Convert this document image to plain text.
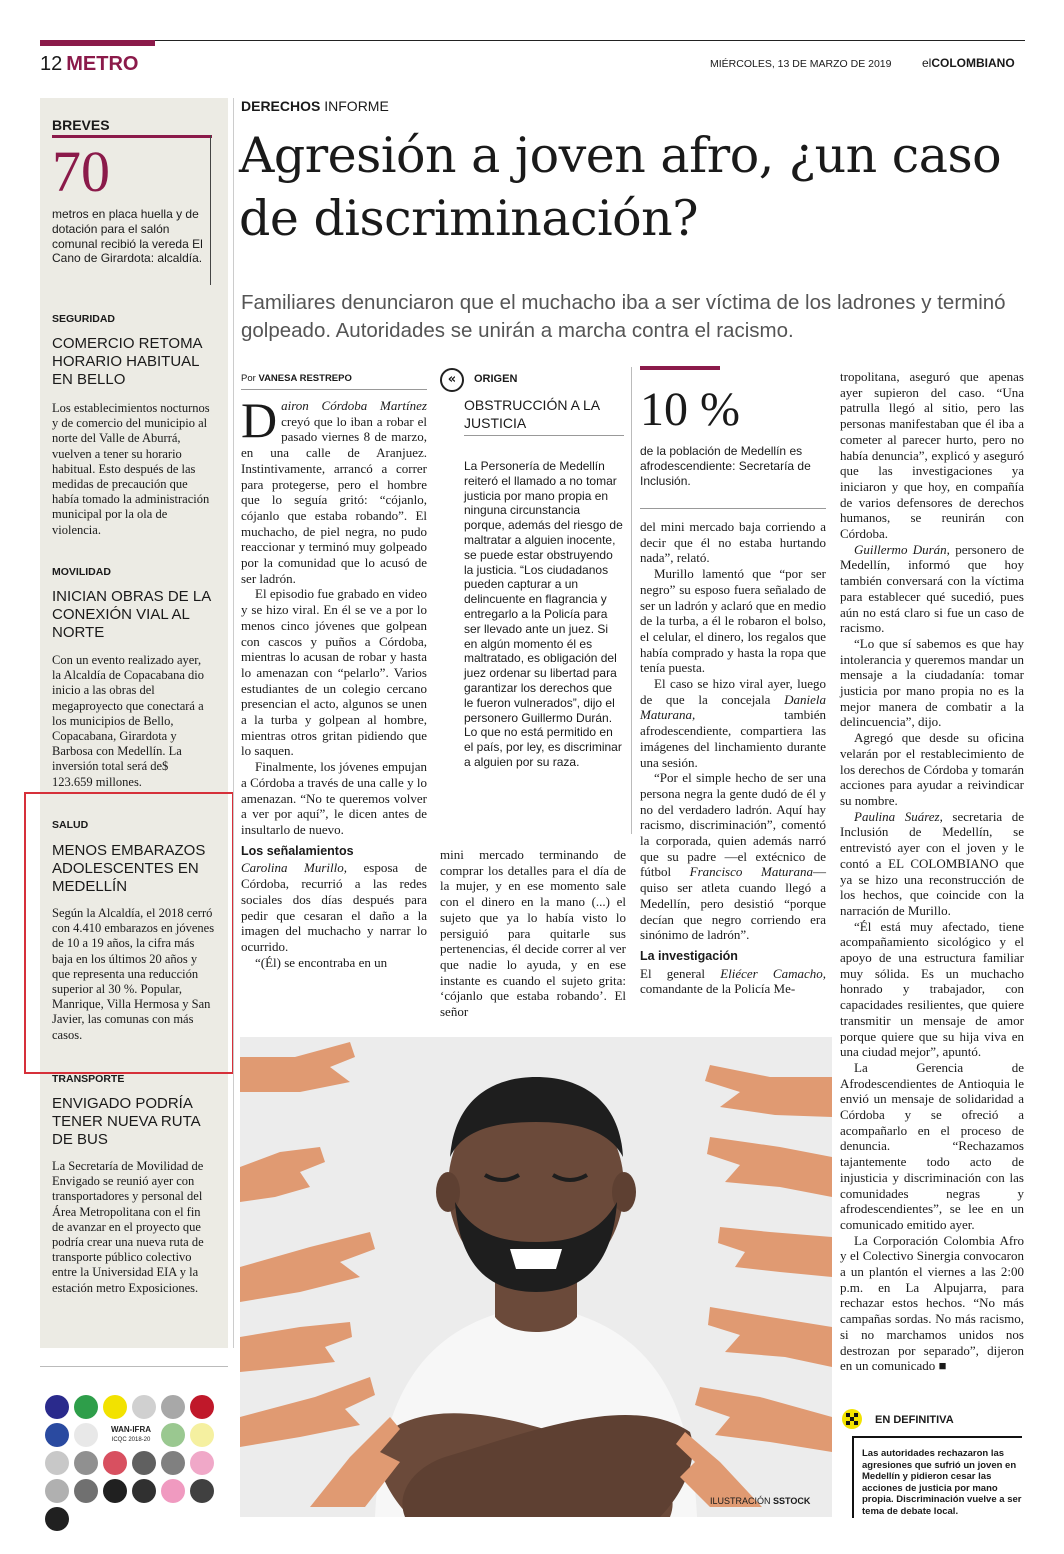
12 METRO	MIÉRCOLES, 13 DE MARZO DE 2019	elCOLOMBIANO
BREVES
70
metros en placa huella y de dotación para el salón comunal recibió la vereda El Cano de Girardota: alcaldía.
SEGURIDAD
COMERCIO RETOMA HORARIO HABITUAL EN BELLO
Los establecimientos nocturnos y de comercio del municipio al norte del Valle de Aburrá, vuelven a tener su horario habitual. Esto después de las medidas de precaución que había tomado la administración municipal por la ola de violencia.
MOVILIDAD
INICIAN OBRAS DE LA CONEXIÓN VIAL AL NORTE
Con un evento realizado ayer, la Alcaldía de Copacabana dio inicio a las obras del megaproyecto que conectará a los municipios de Bello, Copacabana, Girardota y Barbosa con Medellín. La inversión total será de$ 123.659 millones.
SALUD
MENOS EMBARAZOS ADOLESCENTES EN MEDELLÍN
Según la Alcaldía, el 2018 cerró con 4.410 embarazos en jóvenes de 10 a 19 años, la cifra más baja en los últimos 20 años y que representa una reducción superior al 30 %. Popular, Manrique, Villa Hermosa y San Javier, las comunas con más casos.
TRANSPORTE
ENVIGADO PODRÍA TENER NUEVA RUTA DE BUS
La Secretaría de Movilidad de Envigado se reunió ayer con transportadores y personal del Área Metropolitana con el fin de avanzar en el proyecto que podría crear una nueva ruta de transporte público colectivo entre la Universidad EIA y la estación metro Exposiciones.
WAN-IFRA
ICQC 2018-20
DERECHOS INFORME
Agresión a joven afro, ¿un caso de discriminación?
Familiares denunciaron que el muchacho iba a ser víctima de los ladrones y terminó golpeado. Autoridades se unirán a marcha contra el racismo.
Por VANESA RESTREPO

Dairon Córdoba Martínez creyó que lo iban a robar el pasado viernes 8 de marzo, en una calle de Aranjuez. Instintivamente, arrancó a correr para protegerse, pero el hombre que lo seguía gritó: “cójanlo, cójanlo que estaba robando”. El muchacho, de piel negra, no pudo reaccionar y terminó muy golpeado por la comunidad que lo acusó de ser ladrón.

El episodio fue grabado en video y se hizo viral. En él se ve a por lo menos cinco jóvenes que golpean con cascos y puños a Córdoba, mientras lo acusan de robar y hasta lo amenazan con “pelarlo”. Varios estudiantes de un colegio cercano presencian el acto, algunos se unen a la turba y golpean al hombre, mientras otros gritan pidiendo que lo saquen.

Finalmente, los jóvenes empujan a Córdoba a través de una calle y lo amenazan. “No te queremos volver a ver por aquí”, le dicen antes de insultarlo de nuevo.

Los señalamientos

Carolina Murillo, esposa de Córdoba, recurrió a las redes sociales dos días después para pedir que cesaran el daño a la imagen del muchacho y narrar lo ocurrido.

“(Él) se encontraba en un

«	ORIGEN
OBSTRUCCIÓN A LA JUSTICIA
La Personería de Medellín reiteró el llamado a no tomar justicia por mano propia en ninguna circunstancia porque, además del riesgo de maltratar a alguien inocente, se puede estar obstruyendo la justicia. “Los ciudadanos pueden capturar a un delincuente en flagrancia y entregarlo a la Policía para ser llevado ante un juez. Si en algún momento él es maltratado, es obligación del juez ordenar su libertad para garantizar los derechos que le fueron vulnerados”, dijo el personero Guillermo Durán. Lo que no está permitido en el país, por ley, es discriminar a alguien por su raza.

mini mercado terminando de comprar los detalles para el día de la mujer, y en ese momento sale con el dinero en la mano (...) el sujeto que ya lo había visto lo persiguió para quitarle sus pertenencias, él decide correr al ver que nadie lo ayuda, y en ese instante es cuando el sujeto grita: ‘cójanlo que estaba robando’. El señor

10 %
de la población de Medellín es afrodescendiente: Secretaría de Inclusión.

del mini mercado baja corriendo a decir que él no estaba hurtando nada”, relató.

Murillo lamentó que “por ser negro” su esposo fuera señalado de ser un ladrón y aclaró que en medio de la turba, a él le robaron el bolso, el celular, el dinero, los regalos que había comprado y hasta la ropa que tenía puesta.

El caso se hizo viral ayer, luego de que la concejala Daniela Maturana,	también afrodescendiente, compartiera las imágenes del linchamiento durante una sesión.

“Por el simple hecho de ser una persona negra la gente dudó de él y no del verdadero ladrón. Aquí hay racismo, discriminación”, comentó la corporada, quien además narró que su padre —el extécnico de fútbol Francisco Maturana— quiso ser atleta cuando llegó a Medellín, pero desistió “porque decían que negro corriendo era sinónimo de ladrón”.

La investigación

El general Eliécer Camacho, comandante de la Policía Me-

tropolitana, aseguró que apenas ayer supieron del caso. “Una patrulla llegó al sitio, pero las personas manifestaban que él iba a cometer al parecer hurto, pero no había denuncia”, explicó y aseguró que las investigaciones ya iniciaron y que hoy, en compañía de varios defensores de derechos humanos, se reunirán con Córdoba.

Guillermo Durán, personero de Medellín, informó que hoy también conversará con la víctima para establecer qué sucedió, pues aún no está claro si fue un caso de racismo.

“Lo que sí sabemos es que hay intolerancia y queremos mandar un mensaje a la ciudadanía: tomar justicia por mano propia no es la mejor manera de combatir a la delincuencia”, dijo.

Agregó que desde su oficina velarán por el restablecimiento de los derechos de Córdoba y tomarán acciones para ayudar a reivindicar su nombre.

Paulina Suárez, secretaria de Inclusión de Medellín, se entrevistó ayer con el joven y le contó a EL COLOMBIANO que ya se hizo una reconstrucción de los hechos, que coincide con la narración de Murillo.

“Él está muy afectado, tiene acompañamiento sicológico y el apoyo de una estructura familiar muy sólida. Es un muchacho honrado y trabajador, con capacidades resilientes, que quiere transmitir un mensaje de amor porque quiere que su hija viva en una ciudad mejor”, apuntó.

La Gerencia de Afrodescendientes de Antioquia le envió un mensaje de solidaridad a Córdoba y se ofreció a acompañarlo en el proceso de denuncia. “Rechazamos tajantemente todo acto de injusticia y discriminación con las comunidades negras y afrodescendientes”, se lee en un comunicado emitido ayer.

La Corporación Colombia Afro y el Colectivo Sinergia convocaron a un plantón el viernes a las 2:00 p.m. en La Alpujarra, para rechazar estos hechos. “No más campañas sordas. No más racismo, si no marchamos unidos nos destrozan por separado”, dijeron en un comunicado ■

ILUSTRACIÓN SSTOCK
EN DEFINITIVA
Las autoridades rechazaron las agresiones que sufrió un joven en Medellín y pidieron cesar las acciones de justicia por mano propia. Discriminación vuelve a ser tema de debate local.
